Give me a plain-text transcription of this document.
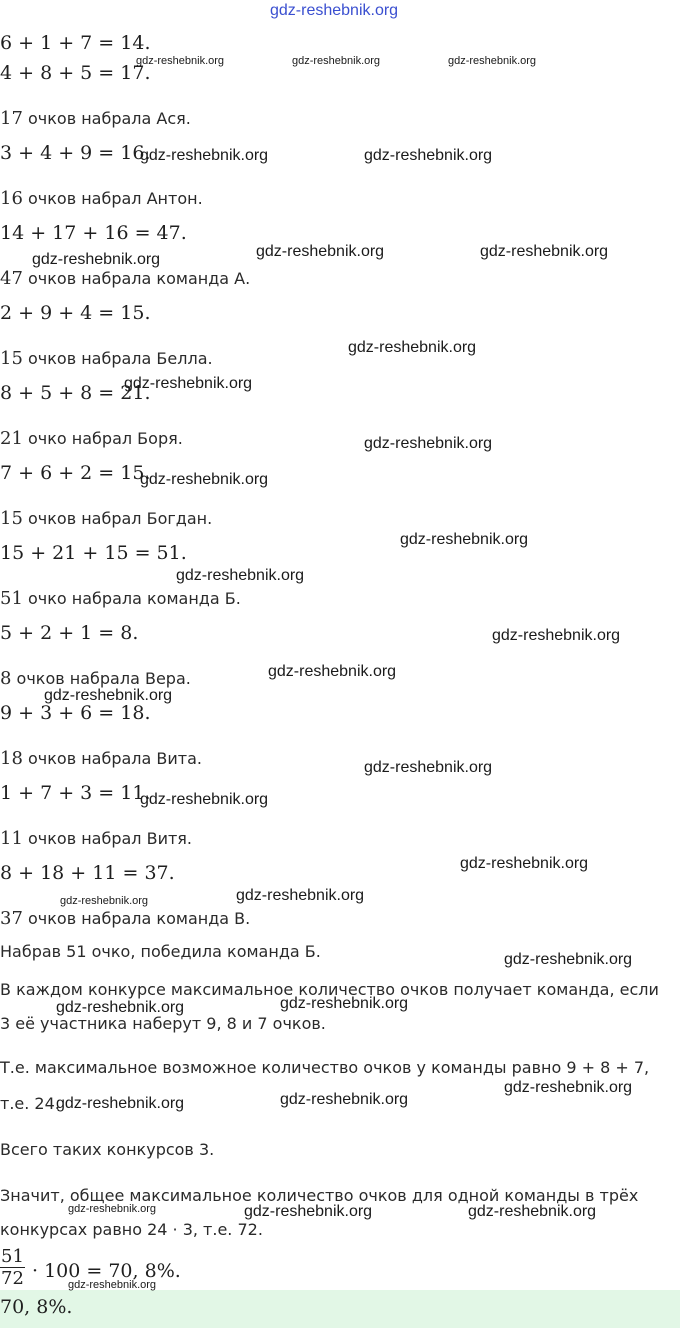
gdz-reshebnik.org
6 + 1 + 7 = 14.
4 + 8 + 5 = 17.
17 очков набрала Ася.
3 + 4 + 9 = 16.
16 очков набрал Антон.
14 + 17 + 16 = 47.
47 очков набрала команда А.
2 + 9 + 4 = 15.
15 очков набрала Белла.
8 + 5 + 8 = 21.
21 очко набрал Боря.
7 + 6 + 2 = 15.
15 очков набрал Богдан.
15 + 21 + 15 = 51.
51 очко набрала команда Б.
5 + 2 + 1 = 8.
8 очков набрала Вера.
9 + 3 + 6 = 18.
18 очков набрала Вита.
1 + 7 + 3 = 11.
11 очков набрал Витя.
8 + 18 + 11 = 37.
37 очков набрала команда В.
Набрав 51 очко, победила команда Б.
В каждом конкурсе максимальное количество очков получает команда, если
3 её участника наберут 9, 8 и 7 очков.
Т.е. максимальное возможное количество очков у команды равно 9 + 8 + 7,
т.е. 24.
Всего таких конкурсов 3.
Значит, общее максимальное количество очков для одной команды в трёх
конкурсах равно 24 · 3, т.е. 72.
$\frac{51}{72} \cdot 100 = 70$, 8%.
70, 8%.
gdz-reshebnik.org	gdz-reshebnik.org
gdz-reshebnik.org	gdz-reshebnik.org
gdz-reshebnik.org
gdz-reshebnik.org
gdz-reshebnik.org
gdz-reshebnik.org
gdz-reshebnik.org
gdz-reshebnik.org
gdz-reshebnik.org
gdz-reshebnik.org
gdz-reshebnik.org
gdz-reshebnik.org
gdz-reshebnik.org
gdz-reshebnik.org
gdz-reshebnik.org
gdz-reshebnik.org
gdz-reshebnik.org
gdz-reshebnik.org
gdz-reshebnik.org
gdz-reshebnik.org
gdz-reshebnik.org
gdz-reshebnik.org
gdz-reshebnik.org	gdz-reshebnik.org
gdz-reshebnik.org	gdz-reshebnik.org	gdz-reshebnik.org
gdz-reshebnik.org
gdz-reshebnik.org
gdz-reshebnik.org
